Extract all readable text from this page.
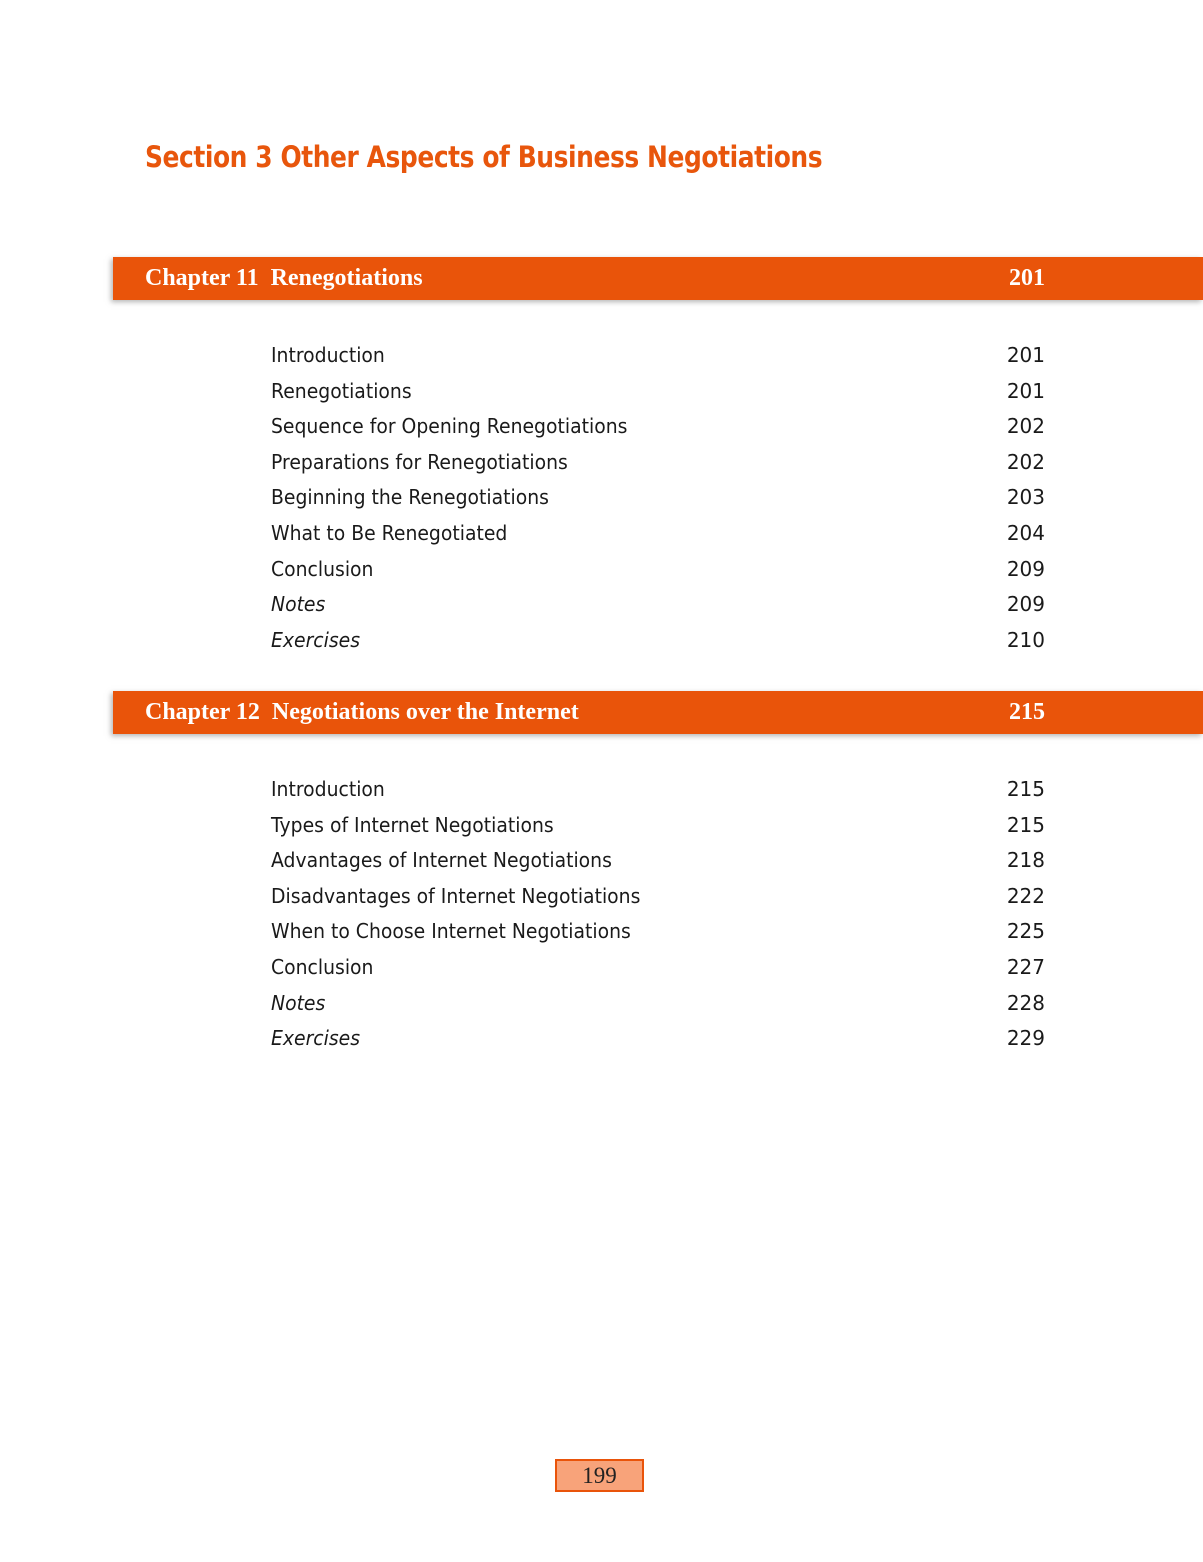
Section 3 Other Aspects of Business Negotiations
Chapter 11  Renegotiations	201
Introduction	201
Renegotiations	201
Sequence for Opening Renegotiations	202
Preparations for Renegotiations	202
Beginning the Renegotiations	203
What to Be Renegotiated	204
Conclusion	209
Notes	209
Exercises	210
Chapter 12  Negotiations over the Internet	215
Introduction	215
Types of Internet Negotiations	215
Advantages of Internet Negotiations	218
Disadvantages of Internet Negotiations	222
When to Choose Internet Negotiations	225
Conclusion	227
Notes	228
Exercises	229
199
